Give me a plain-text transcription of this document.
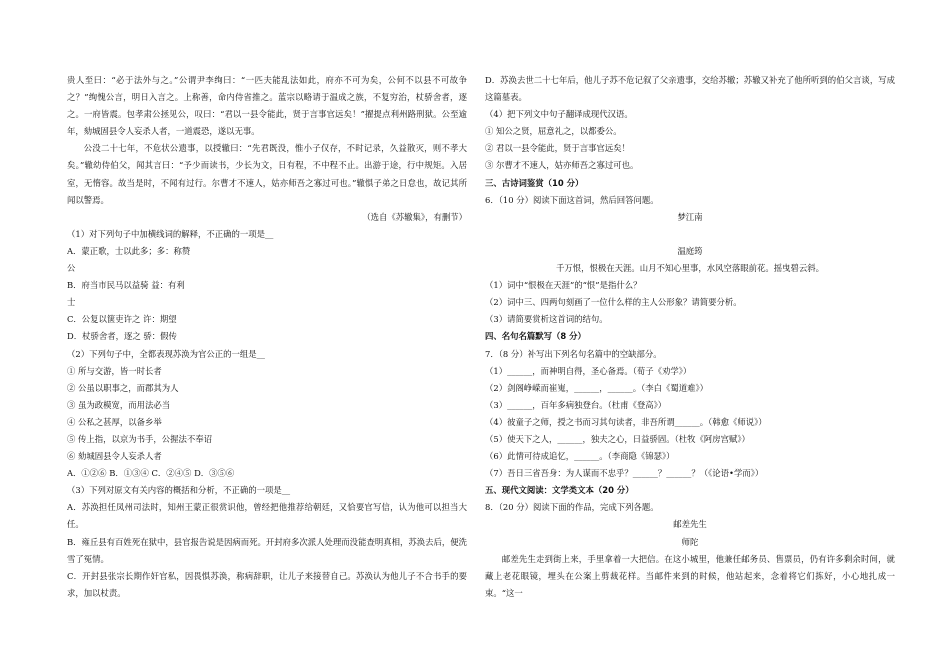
贵人至曰：“必于法外与之。”公谓尹李绚曰：“一匹夫能乱法如此，府亦不可为矣，公何不以县不可故争之？”绚愧公言，明日入言之。上称善，命内侍省推之。蓝宗以略请于温成之族，不复穷治，杖骄舍者，逐之。一府皆震。包孝肃公拯见公，叹曰：“君以一县令能此，贤于言事官远矣！”擢提点利州路刑狱。公至逾年，劾城固县令人妄杀人者，一道震恐，遂以无事。
公没二十七年，不危状公遗事，以授辙曰：“先君既没，惟小子仅存，不时记录，久益散灭，则不孝大矣。”辙幼侍伯父，闻其言曰：“予少而读书，少长为文，日有程，不中程不止。出游于途，行中规矩。入居室，无惰容。故当是时，不闻有过行。尔曹才不速人，姑亦师吾之寡过可也。”辙惧子弟之日怠也，故记其所闻以警焉。
（选自《苏辙集》，有删节）
（1）对下列句子中加横线词的解释，不正确的一项是__
A．蒙正歌，士以此多；多：称赞
公
B．府当市民马以益骑 益：有利
士
C．公复以箧吏许之 许：期望
D．杖骄舍者，逐之 骄：假传
（2）下列句子中，全都表现苏涣为官公正的一组是__
① 所与交游，皆一时长者
② 公虽以职事之，而郡其为人
③ 虽为政模宽，而用法必当
④ 公私之甚厚，以备乡举
⑤ 传上指，以京为书手，公握法不奉诏
⑥ 劾城固县令人妄杀人者
A．①②⑥ B．①③④ C．②④⑤ D．③⑤⑥
（3）下列对原文有关内容的概括和分析，不正确的一项是__
A．苏涣担任凤州司法时，知州王蒙正很赏识他，曾经把他推荐给朝廷，又恰要官写信，认为他可以担当大任。
B．雍丘县有百姓死在狱中，县官报告说是因病而死。开封府多次派人处理而没能查明真相，苏涣去后，便洗雪了冤情。
C．开封县张宗长期作奸官私，因畏惧苏涣，称病辞职，让儿子来接替自己。苏涣认为他儿子不合书手的要求，加以杖责。
D．苏涣去世二十七年后，他儿子苏不危记叙了父亲遗事，交给苏辙；苏辙又补充了他所听到的伯父言谈，写成这篇墓表。
（4）把下列文中句子翻译成现代汉语。
① 知公之贤，屈意礼之，以都委公。
② 君以一县令能此，贤于言事官远矣！
③ 尔曹才不速人，姑亦师吾之寡过可也。
三、古诗词鉴赏（10 分）
6．（10 分）阅读下面这首词，然后回答问题。
梦江南
温庭筠
千万恨，恨极在天涯。山月不知心里事，水风空落眼前花。摇曳碧云斜。
（1）词中“恨极在天涯”的“恨”是指什么？
（2）词中三、四两句刻画了一位什么样的主人公形象？请简要分析。
（3）请简要赏析这首词的结句。
四、名句名篇默写（8 分）
7．（8 分）补写出下列名句名篇中的空缺部分。
（1）______，而神明自得，圣心备焉。（荀子《劝学》）
（2）剑阁峥嵘而崔嵬，______，______。（李白《蜀道难》）
（3）______，百年多病独登台。（杜甫《登高》）
（4）彼童子之师，授之书而习其句读者，非吾所谓______。（韩愈《师说》）
（5）使天下之人，______，独夫之心，日益骄固。（杜牧《阿房宫赋》）
（6）此情可待成追忆，______。（李商隐《锦瑟》）
（7）吾日三省吾身：为人谋而不忠乎？______？______？（《论语•学而》）
五、现代文阅读：文学类文本（20 分）
8．（20 分）阅读下面的作品，完成下列各题。
邮差先生
师陀
邮差先生走到街上来，手里拿着一大把信。在这小城里，他兼任邮务员、售票员，仍有许多剩余时间，就藏上老花眼镜，埋头在公案上剪裁花样。当邮件来到的时候，他站起来，念着将它们拣好，小心地扎成一束。“这一
